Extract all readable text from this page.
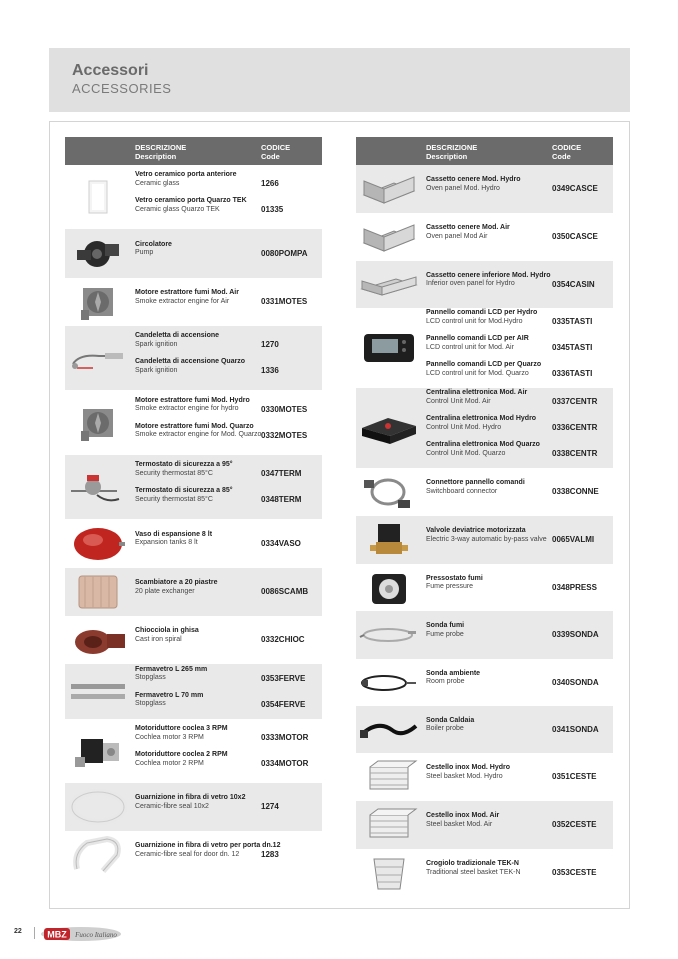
Accessori
ACCESSORIES
DESCRIZIONE
Description
CODICE
Code
Vetro ceramico porta anteriore
Ceramic glass	1266
Vetro ceramico porta Quarzo TEK
Ceramic glass Quarzo TEK	01335
Circolatore
Pump	0080POMPA
Motore estrattore fumi Mod. Air
Smoke extractor engine for Air	0331MOTES
Candeletta di accensione
Spark ignition	1270
Candeletta di accensione Quarzo
Spark ignition	1336
Motore estrattore fumi Mod. Hydro
Smoke extractor engine for hydro	0330MOTES
Motore estrattore fumi Mod. Quarzo
Smoke extractor engine for Mod. Quarzo 0332MOTES
Termostato di sicurezza a 95°
Security thermostat 85°C	0347TERM
Termostato di sicurezza a 85°
Security thermostat 85°C	0348TERM
Vaso di espansione 8 lt
Expansion tanks 8 lt	0334VASO
Scambiatore a 20 piastre
20 plate exchanger	0086SCAMB
Chiocciola in ghisa
Cast iron spiral	0332CHIOC
Fermavetro L 265 mm
Stopglass	0353FERVE
Fermavetro L 70 mm
Stopglass	0354FERVE
Motoriduttore coclea 3 RPM
Cochlea motor 3 RPM	0333MOTOR
Motoriduttore coclea 2 RPM
Cochlea motor 2 RPM	0334MOTOR
Guarnizione in fibra di vetro 10x2
Ceramic-fibre seal 10x2	1274
Guarnizione in fibra di vetro per porta dn.12
Ceramic-fibre seal for door dn. 12	1283
DESCRIZIONE
Description
CODICE
Code
Cassetto cenere Mod. Hydro
Oven panel Mod. Hydro	0349CASCE
Cassetto cenere Mod. Air
Oven panel Mod Air	0350CASCE
Cassetto cenere inferiore Mod. Hydro
Inferior oven panel for Hydro	0354CASIN
Pannello comandi LCD per Hydro
LCD control unit for Mod.Hydro	0335TASTI
Pannello comandi LCD per AIR
LCD control unit for Mod. Air	0345TASTI
Pannello comandi LCD per Quarzo
LCD control unit for Mod. Quarzo	0336TASTI
Centralina elettronica Mod. Air
Control Unit Mod. Air	0337CENTR
Centralina elettronica Mod Hydro
Control Unit Mod. Hydro	0336CENTR
Centralina elettronica Mod Quarzo
Control Unit Mod. Quarzo	0338CENTR
Connettore pannello comandi
Switchboard connector	0338CONNE
Valvole deviatrice motorizzata
Electric 3-way automatic by-pass valve 0065VALMI
Pressostato fumi
Fume pressure	0348PRESS
Sonda fumi
Fume probe	0339SONDA
Sonda ambiente
Room probe	0340SONDA
Sonda Caldaia
Boiler probe	0341SONDA
Cestello inox Mod. Hydro
Steel basket Mod. Hydro	0351CESTE
Cestello inox Mod. Air
Steel basket Mod. Air	0352CESTE
Crogiolo tradizionale TEK-N
Traditional steel basket TEK-N	0353CESTE
22	MBZ Fuoco Italiano
